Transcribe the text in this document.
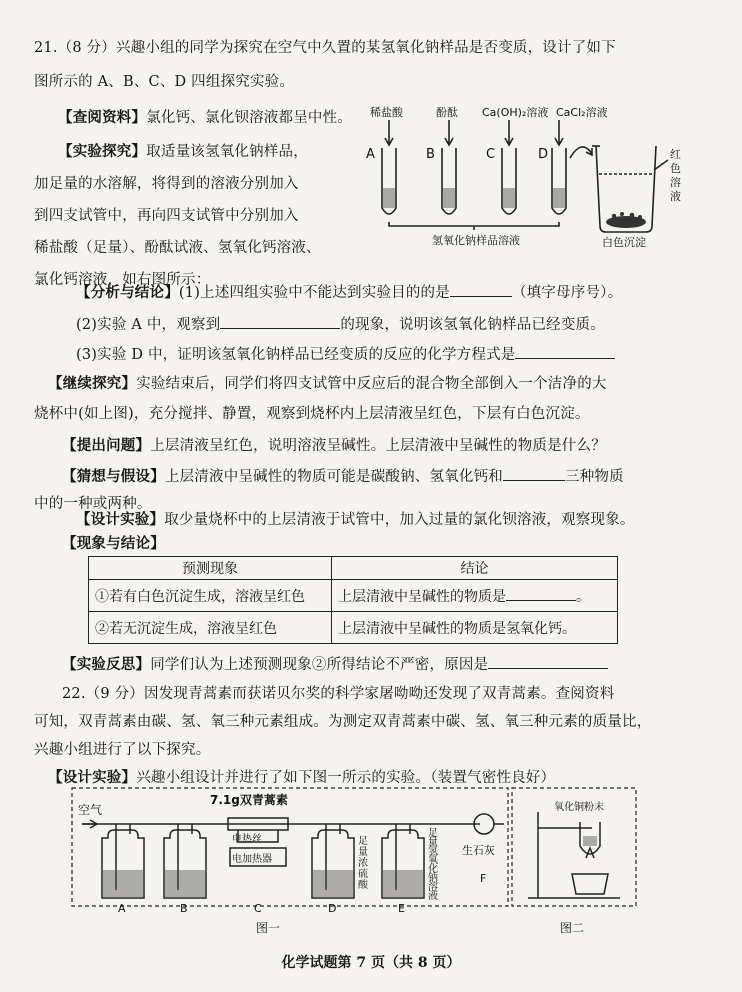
21.（8 分）兴趣小组的同学为探究在空气中久置的某氢氧化钠样品是否变质，设计了如下
图所示的 A、B、C、D 四组探究实验。
【查阅资料】氯化钙、氯化钡溶液都呈中性。
【实验探究】取适量该氢氧化钠样品，
加足量的水溶解，将得到的溶液分别加入
到四支试管中，再向四支试管中分别加入
稀盐酸（足量）、酚酞试液、氢氧化钙溶液、
氯化钙溶液，如右图所示：
稀盐酸	酚酞 Ca(OH)₂溶液 CaCl₂溶液
A	B	C	D
氢氧化钠样品溶液
红
色
溶
液
白色沉淀
【分析与结论】(1)上述四组实验中不能达到实验目的的是	（填字母序号）。
(2)实验 A 中，观察到	的现象，说明该氢氧化钠样品已经变质。
(3)实验 D 中，证明该氢氧化钠样品已经变质的反应的化学方程式是
【继续探究】实验结束后，同学们将四支试管中反应后的混合物全部倒入一个洁净的大
烧杯中(如上图)，充分搅拌、静置，观察到烧杯内上层清液呈红色，下层有白色沉淀。
【提出问题】上层清液呈红色，说明溶液呈碱性。上层清液中呈碱性的物质是什么？
【猜想与假设】上层清液中呈碱性的物质可能是碳酸钠、氢氧化钙和	三种物质
中的一种或两种。
【设计实验】取少量烧杯中的上层清液于试管中，加入过量的氯化钡溶液，观察现象。
【现象与结论】
预测现象	结论
①若有白色沉淀生成，溶液呈红色	上层清液中呈碱性的物质是 。
②若无沉淀生成，溶液呈红色	上层清液中呈碱性的物质是氢氧化钙。
【实验反思】同学们认为上述预测现象②所得结论不严密，原因是
22.（9 分）因发现青蒿素而获诺贝尔奖的科学家屠呦呦还发现了双青蒿素。查阅资料
可知，双青蒿素由碳、氢、氧三种元素组成。为测定双青蒿素中碳、氢、氧三种元素的质量比，
兴趣小组进行了以下探究。
【设计实验】兴趣小组设计并进行了如下图一所示的实验。（装置气密性良好）
空气
7.1g双青蒿素
电热丝
电加热器
足
量
浓
硫
酸
足
量
氢
氧
化
钠
溶
液
生石灰
氧化铜粉末
A	B	C	D	E
F
图一	图二
化学试题第 7 页（共 8 页）
